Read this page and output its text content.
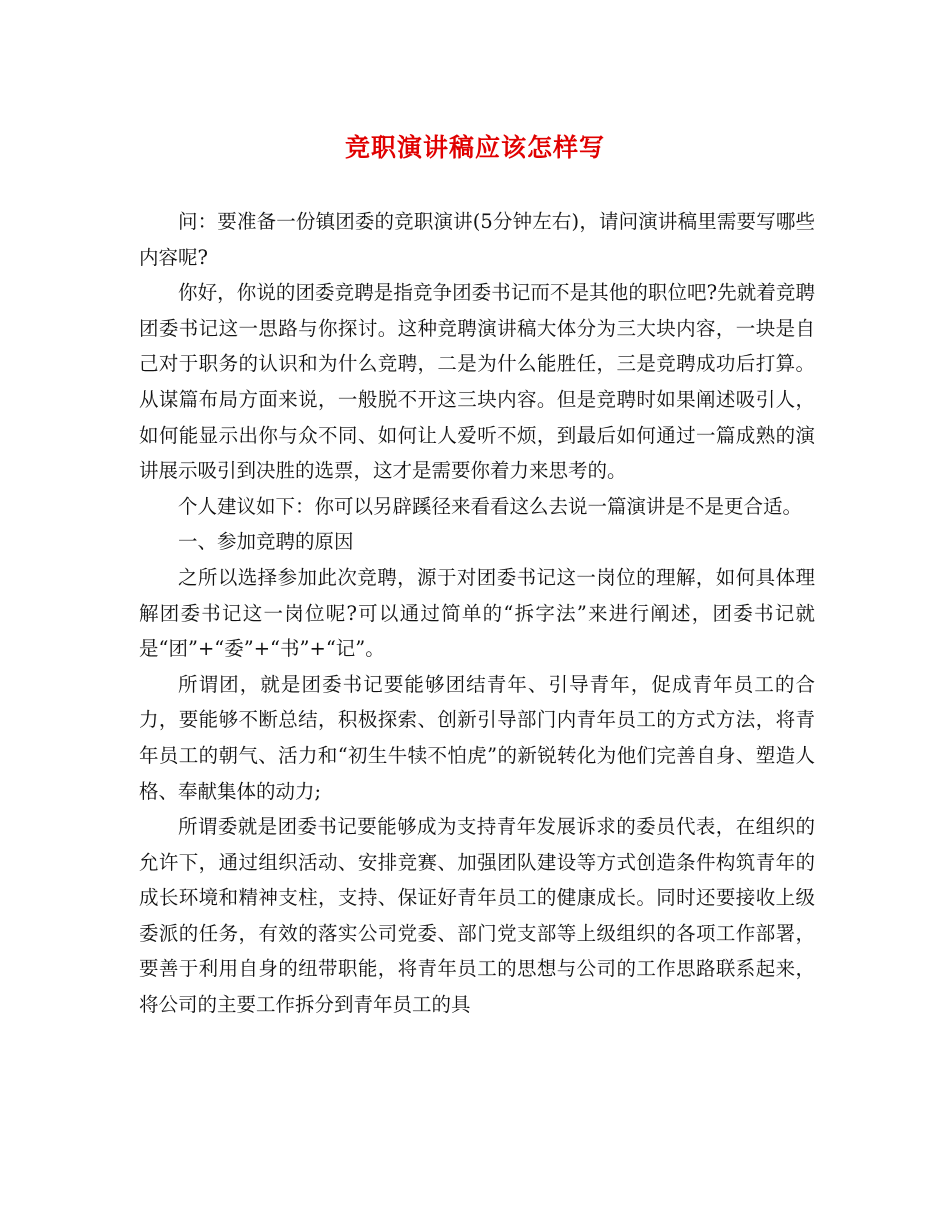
竞职演讲稿应该怎样写

问：要准备一份镇团委的竞职演讲(5分钟左右)，请问演讲稿里需要写哪些内容呢?

你好，你说的团委竞聘是指竞争团委书记而不是其他的职位吧?先就着竞聘团委书记这一思路与你探讨。这种竞聘演讲稿大体分为三大块内容，一块是自己对于职务的认识和为什么竞聘，二是为什么能胜任，三是竞聘成功后打算。从谋篇布局方面来说，一般脱不开这三块内容。但是竞聘时如果阐述吸引人，如何能显示出你与众不同、如何让人爱听不烦，到最后如何通过一篇成熟的演讲展示吸引到决胜的选票，这才是需要你着力来思考的。

个人建议如下：你可以另辟蹊径来看看这么去说一篇演讲是不是更合适。

一、参加竞聘的原因

之所以选择参加此次竞聘，源于对团委书记这一岗位的理解，如何具体理解团委书记这一岗位呢?可以通过简单的“拆字法”来进行阐述，团委书记就是“团”+“委”+“书”+“记”。

所谓团，就是团委书记要能够团结青年、引导青年，促成青年员工的合力，要能够不断总结，积极探索、创新引导部门内青年员工的方式方法，将青年员工的朝气、活力和“初生牛犊不怕虎”的新锐转化为他们完善自身、塑造人格、奉献集体的动力;

所谓委就是团委书记要能够成为支持青年发展诉求的委员代表，在组织的允许下，通过组织活动、安排竞赛、加强团队建设等方式创造条件构筑青年的成长环境和精神支柱，支持、保证好青年员工的健康成长。同时还要接收上级委派的任务，有效的落实公司党委、部门党支部等上级组织的各项工作部署，要善于利用自身的纽带职能，将青年员工的思想与公司的工作思路联系起来，将公司的主要工作拆分到青年员工的具
